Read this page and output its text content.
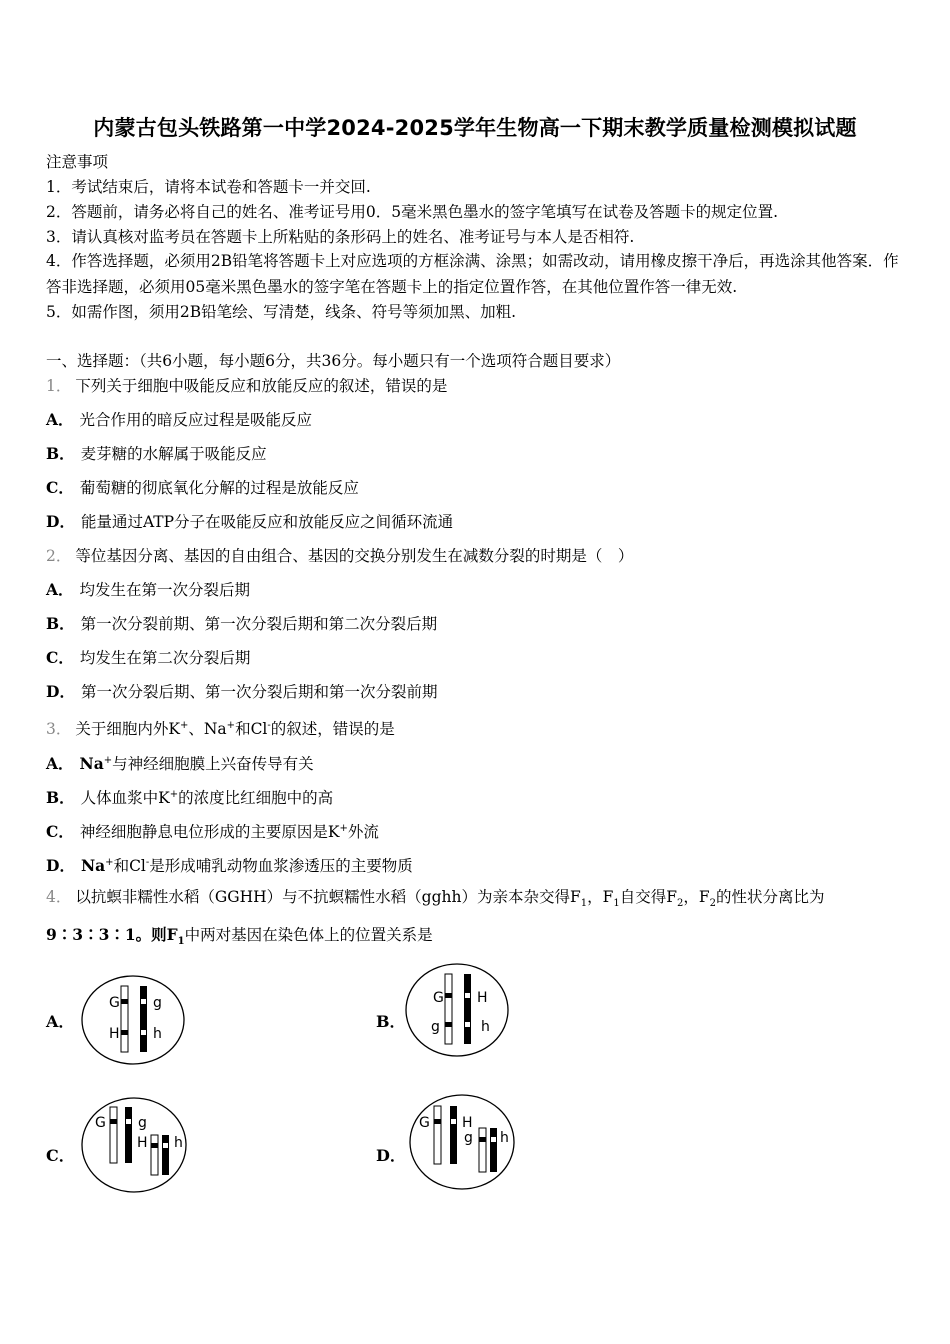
内蒙古包头铁路第一中学2024-2025学年生物高一下期末教学质量检测模拟试题
注意事项
1．考试结束后，请将本试卷和答题卡一并交回.
2．答题前，请务必将自己的姓名、准考证号用0．5毫米黑色墨水的签字笔填写在试卷及答题卡的规定位置.
3．请认真核对监考员在答题卡上所粘贴的条形码上的姓名、准考证号与本人是否相符.
4．作答选择题，必须用2B铅笔将答题卡上对应选项的方框涂满、涂黑；如需改动，请用橡皮擦干净后，再选涂其他答案．作答非选择题，必须用05毫米黑色墨水的签字笔在答题卡上的指定位置作答，在其他位置作答一律无效.
5．如需作图，须用2B铅笔绘、写清楚，线条、符号等须加黑、加粗.
一、选择题：（共6小题，每小题6分，共36分。每小题只有一个选项符合题目要求）
1． 下列关于细胞中吸能反应和放能反应的叙述，错误的是
A． 光合作用的暗反应过程是吸能反应
B． 麦芽糖的水解属于吸能反应
C． 葡萄糖的彻底氧化分解的过程是放能反应
D． 能量通过ATP分子在吸能反应和放能反应之间循环流通
2． 等位基因分离、基因的自由组合、基因的交换分别发生在减数分裂的时期是（　）
A． 均发生在第一次分裂后期
B． 第一次分裂前期、第一次分裂后期和第二次分裂后期
C． 均发生在第二次分裂后期
D． 第一次分裂后期、第一次分裂后期和第一次分裂前期
3． 关于细胞内外K+、Na+和Cl-的叙述，错误的是
A． Na+与神经细胞膜上兴奋传导有关
B． 人体血浆中K+的浓度比红细胞中的高
C． 神经细胞静息电位形成的主要原因是K+外流
D． Na+和Cl-是形成哺乳动物血浆渗透压的主要物质
4． 以抗螟非糯性水稻（GGHH）与不抗螟糯性水稻（gghh）为亲本杂交得$F_1$，$F_1$自交得$F_2$，$F_2$的性状分离比为
9∶3∶3∶1。则$F_1$中两对基因在染色体上的位置关系是
A．
G g
H h
B．
G H
g	h
C．
G g
H h
D．
G H
g h
